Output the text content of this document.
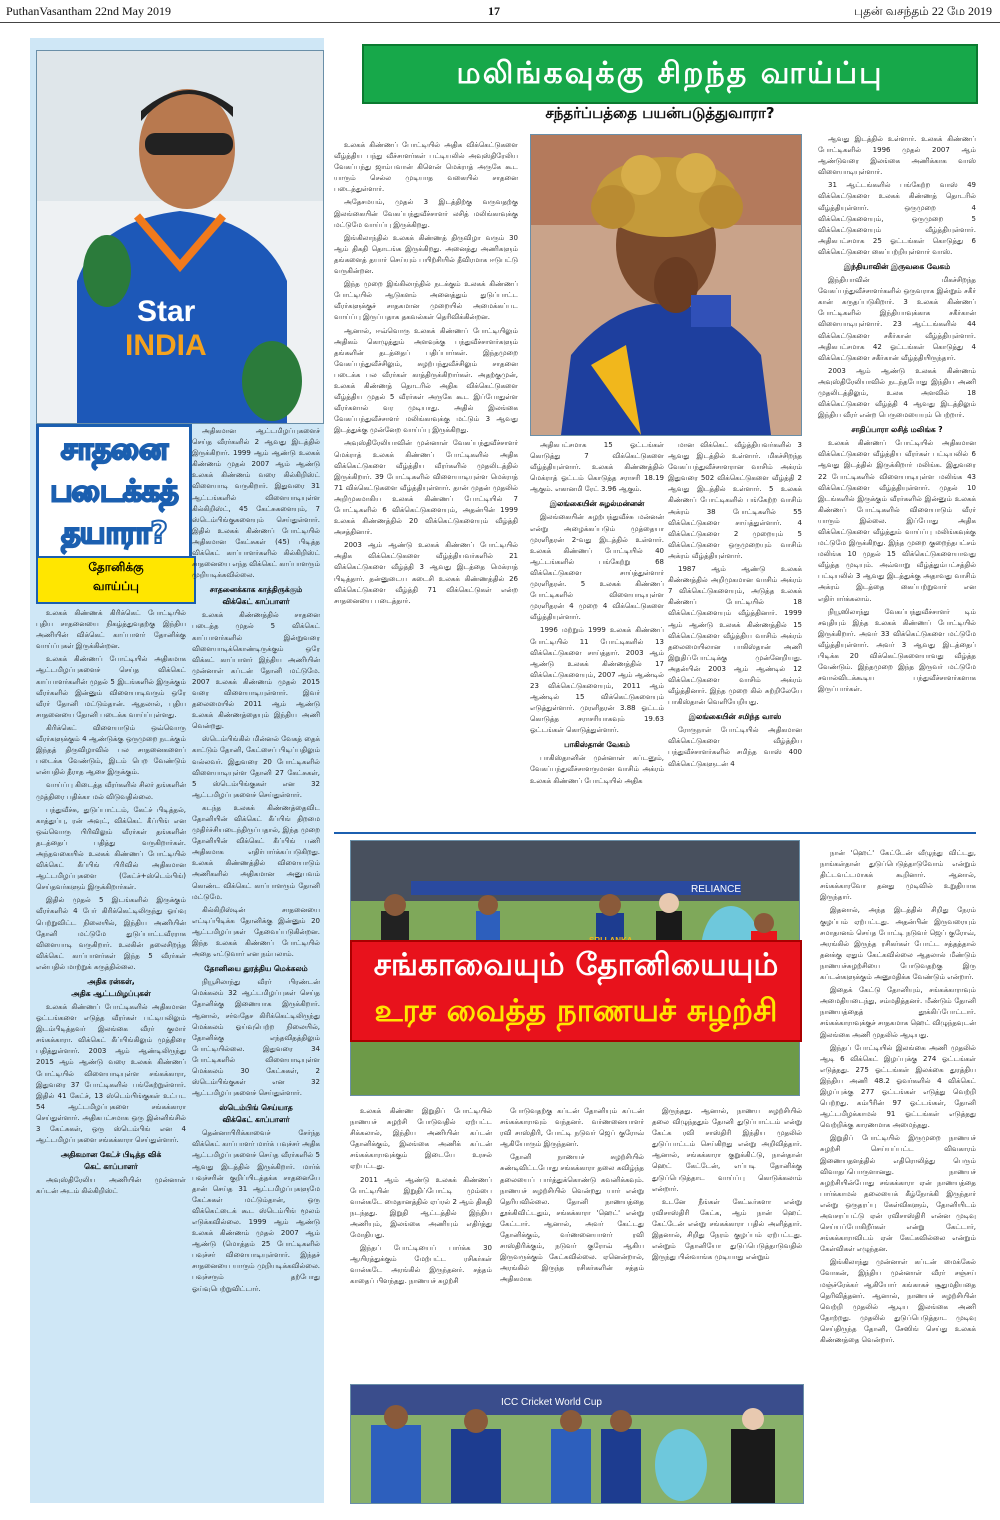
PuthanVasantham 22nd May 2019	17	புதன் வசந்தம் 22 மே 2019
Star
INDIA
சாதனை
படைக்கத்
தயாரா?
தோனிக்கு
வாய்ப்பு

உலகக் கிண்ணக் கிரிக்கெட் போட்டியில் புதிய சாதனையை நிகழ்த்துவதற்கு இந்திய அணியின் விக்கெட் காப்பாளர் தோனிக்கு வாய்ப்புகள் இருக்கின்றன.

உலகக் கிண்ணப் போட்டியில் அதிகமாக ஆட்டமிழப்புகளைச் செய்த விக்கெட் காப்பாளர்களின் முதல் 5 இடங்களில் இருக்கும் வீரர்களில் இன்னும் விளையாடிவரும் ஒரே வீரர் தோனி மட்டும்தான். ஆதலால், புதிய சாதனையை தோனி படைக்க வாய்ப்புள்ளது.

கிரிக்கெட் விளையாடும் ஒவ்வொரு வீரர்களுக்கும் 4 ஆண்டுக்கு ஒருமுறை நடக்கும் இந்தத் திருவிழாவில் பல சாதனைகளைப் படைக்க வேண்டும், இடம் பெற வேண்டும் என்பதில் தீராத ஆசை இருக்கும்.

வாய்ப்பு கிடைத்த வீரர்களில் சிலர் தங்களின் முத்திரை பதிக்கா மல் விடுவதில்லை.

பந்துவீச்சு, துடுப்பாட்டம், கேட்ச் பிடித்தல், காத்துப்பு, ரன் அவுட், விக்கெட் கீப்பிங் என ஒவ்வொரு பிரிவிலும் வீரர்கள் தங்களின் தடத்தைப் பதித்து வருகிறார்கள். அந்தவகையில் உலகக் கிண்ணப் போட்டியில் விக்கெட் கீப்பிங் பிரிவில் அதிகமான ஆட்டமிழப்புகளை (கேட்ச்+ஸ்டெம்பிங்) செய்தவர்களும் இருக்கிறார்கள்.

இதில் முதல் 5 இடங்களில் இருக்கும் வீரர்களில் 4 பேர் கிரிக்கெட்டிலிருந்து ஓய்வு பெற்றுவிட்ட நிலையில், இந்திய அணியின் தோனி மட்டுமே துடுப்பாட்டவீரராக விளையாடி வருகிறார். உலகின் தலைசிறந்த விக்கெட் காப்பாளர்கள் இந்த 5 வீரர்கள் என்பதில் மாற்றுக் கருத்தில்லை.

அதிக ரன்கள்,
அதிக ஆட்டமிழப்புகள்

உலகக் கிண்ணப் போட்டிகளில் அதிகமான ஓட்டங்களை எடுத்த வீரர்கள் பட்டியலிலும் இடம்பிடித்தவர் இலங்கை வீரர் குமார் சங்கக்காரா. விக்கெட் கீப்பிங்கிலும் முத்திரை பதித்துள்ளார். 2003 ஆம் ஆண்டிலிருந்து 2015 ஆம் ஆண்டு வரை உலகக் கிண்ணப் போட்டியில் விளையாடியுள்ள சங்கக்காரா, இதுவரை 37 போட்டிகளில் பங்கேற்றுள்ளார். இதில் 41 கேட்ச், 13 ஸ்டெம்பிங்குகள் உட்பட 54 ஆட்டமிழப்புகளை சங்கக்காரா செய்துள்ளார். அதிகபட்சமாக ஒரு இன்னிங்சில் 3 கேட்சுகள், ஒரு ஸ்டெம்பிங் என 4 ஆட்டமிழப்புகளை சங்கக்காரா செய்துள்ளார்.

அதிகமான கேட்ச் பிடித்த விக்
கெட் காப்பாளர்

அவுஸ்திரேலிய அணியின் முன்னாள் கப்டன் அடம் கில்கிறிஸ்ட்

அதிகமான ஆட்டமிழப்புகளைச் செய்த வீரர்களில் 2 ஆவது இடத்தில் இருக்கிறார். 1999 ஆம் ஆண்டு உலகக் கிண்ணம் முதல் 2007 ஆம் ஆண்டு உலகக் கிண்ணம் வரை கில்கிறிஸ்ட் விளையாடி வருகிறார். இதுவரை 31 ஆட்டங்களில் விளையாடியுள்ள கில்கிறிஸ்ட், 45 கேட்சுகளையும், 7 ஸ்டெம்பிங்குகளையும் செய்துள்ளார். இதில் உலகக் கிண்ணப் போட்டியில் அதிகமான கேட்சுகள் (45) பிடித்த விக்கெட் காப்பாளர்களில் கில்கிறிஸ்ட் சாதனையை எந்த விக்கெட் காப்பாளரும் முறியடிக்கவில்லை.

சாதனைக்காக காத்திருக்கும்
விக்கெட் காப்பாளர்

உலகக் கிண்ணத்தில் சாதனை படைத்த முதல் 5 விக்கெட் காப்பாளர்களில் இன்றுவரை விளையாடிக்கொண்டிருக்கும் ஒரே விக்கட் காப்பாளர் இந்திய அணியின் முன்னாள் கப்டன் தோனி மட்டுமே. 2007 உலகக் கிண்ணம் முதல் 2015 வரை விளையாடியுள்ளார். இவர் தலைமையில் 2011 ஆம் ஆண்டு உலகக் கிண்ணத்தையும் இந்திய அணி வென்றது.

ஸ்டெம்பிங்கில் மின்னல் வேகத் தைக் காட்டும் தோனி, கேட்சைப் பிடிப்பதிலும் வல்லவர். இதுவரை 20 போட்டிகளில் விளையாடியுள்ள தோனி 27 கேட்சுகள், 5 ஸ்டெம்பிங்குகள் என 32 ஆட்டமிழப்புகளைச் செய்துள்ளார்.

கடந்த உலகக் கிண்ணத்தைவிட தோனியின் விக்கெட் கீப்பிங் திறமை முதிர்ச்சியடைந்திருப்பதால், இந்த முறை தோனியின் விக்கெட் கீப்பிங் பணி அதிகமாக எதிர்பார்க்கப்படுகிறது. உலகக் கிண்ணத்தில் விளையாடும் அணிகளில் அதிகமான அனுபவம் கொண்ட விக்கெட் காப்பாளரும் தோனி மட்டுமே.

கில்கிறிஸ்டின் சாதனையை எட்டிப்பிடிக்க தோனிக்கு இன்னும் 20 ஆட்டமிழப்புகள் தேவைப்படுகின்றன. இந்த உலகக் கிண்ணப் போட்டியில் அதை எட்டுவார் என நம்பலாம்.

தோனியை துரத்திய மெக்கலம்

நியூசிலாந்து வீரர் பிரண்டன் மெக்கலம் 32 ஆட்டமிழப்புகள் செய்த தோனிக்கு இணையாக இருக்கிறார். ஆனால், சர்வதேச கிரிக்கெட்டிலிருந்து மெக்கலம் ஓய்வுபெற்ற நிலையில், தோனிக்கு எந்தவிதத்திலும் போட்டியில்லை. இதுவரை 34 போட்டிகளில் விளையாடியுள்ள மெக்கலம் 30 கேட்சுகள், 2 ஸ்டெம்பிங்குகள் என 32 ஆட்டமிழப்புகளைச் செய்துள்ளார்.

ஸ்டெம்பிங் செய்யாத
விக்கெட் காப்பாளர்

தென்னாபிரிக்காவைச் சேர்ந்த விக்கெட் காப்பாளர் மார்க் பவுச்சர் அதிக ஆட்டமிழப்புகளைச் செய்த வீரர்களில் 5 ஆவது இடத்தில் இருக்கிறார். மார்க் பவுச்சரின் குறிப்பிடத்தக்க சாதனையே தான் செய்த 31 ஆட்டமிழப்புகளுமே கேட்சுகள் மட்டும்தான், ஒரு விக்கெட்டைக் கூட ஸ்டெம்பிங் மூலம் எடுக்கவில்லை. 1999 ஆம் ஆண்டு உலகக் கிண்ணம் முதல் 2007 ஆம் ஆண்டு (மொத்தம் 25 போட்டிகளில் பவுச்சர் விளையாடியுள்ளார். இந்தச் சாதனையை யாரும் முறியடிக்கவில்லை. பவுச்சரும் தற்போது ஓய்வுபெற்றுவிட்டார்.

மலிங்கவுக்கு சிறந்த வாய்ப்பு
சந்தர்ப்பத்தை பயன்படுத்துவாரா?

உலகக் கிண்ணப் போட்டியில் அதிக விக்கெட்டுகளை வீழ்த்திய பந்து வீச்சாளர்கள் பட்டியலில் அவுஸ்திரேலிய வேகப்பந்து ஜாம்பவான் கிளென் மெக்ராத் அருகே கூட யாரும் செல்ல முடியாத வகையில் சாதனை படைத்துள்ளார்.

அதேசமயம், முதல் 3 இடத்திற்கு வருவதற்கு இலங்கையின் வேகப்பந்துவீச்சாளர் லசித் மலிங்காவுக்கு மட்டுமே வாய்ப்பு இருக்கிறது.

இங்கிலாந்தில் உலகக் கிண்ணத் திருவிழா வரும் 30 ஆம் திகதி தொடங்க இருக்கிறது. அனைத்து அணிகளும் தங்களைத் தயார் செய்யும் பயிற்சியில் தீவிரமாக ஈடுபட்டு வருகின்றன.

இந்த முறை இங்கிலாந்தில் நடக்கும் உலகக் கிண்ணப் போட்டியில் ஆடுகளம் அனைத்தும் துடுப்பாட்ட வீரர்களுக்குச் சாதகமான முறையில் அமைக்கப்பட வாய்ப்பு இருப்பதாக தகவல்கள் தெரிவிக்கின்றன.

ஆனால், ஈவ்வொரு உலகக் கிண்ணப் போட்டியிலும் அதிகம் கொழுத்தும் அளவுக்கு பந்துவீச்சாளர்களும் தங்களின் தடத்தைப் பதிப்பார்கள். இந்தமுறை வேகப்பந்துவீச்சிலும், சுழற்பந்துவீச்சிலும் சாதனை படைக்க பல வீரர்கள் காத்திருக்கிறார்கள். அதற்குமுன், உலகக் கிண்ணத் தொடரில் அதிக விக்கெட்டுகளை வீழ்த்திய முதல் 5 வீரர்கள் அருகே கூட இப்போதுள்ள வீரர்களால் வர முடியாது. அதில் இலங்கை வேகப்பந்துவீச்சாளர் மலிங்காவுக்கு மட்டும் 3 ஆவது இடத்துக்கு முன்னேற வாய்ப்பு இருக்கிறது.

அவுஸ்திரேலியாவின் முன்னாள் வேகப்பந்துவீச்சாளர் மெக்ராத் உலகக் கிண்ணப் போட்டிகளில் அதிக விக்கெட்டுகளை வீழ்த்திய வீரர்களில் முதலிடத்தில் இருக்கிறார். 39 போட்டிகளில் விளையாடியுள்ள மெக்ராத் 71 விக்கெட்டுகளை வீழ்த்தியுள்ளார். தான் முதன் முதலில் அறிமுகமாகிய உலகக் கிண்ணப் போட்டியில் 7 போட்டிகளில் 6 விக்கெட்டுகளையும், அதன்பின் 1999 உலகக் கிண்ணத்தில் 20 விக்கெட்டுகளையும் வீழ்த்தி அசத்தினார்.

2003 ஆம் ஆண்டு உலகக் கிண்ணப் போட்டியில் அதிக விக்கெட்டுகளை வீழ்த்தியவர்களில் 21 விக்கெட்டுகளை வீழ்த்தி 3 ஆவது இடத்தை மெக்ராத் பிடித்தார். தன்னுடைய கடைசி உலகக் கிண்ணத்தில் 26 விக்கெட்டுகளை வீழ்த்தி 71 விக்கெட்டுகள் என்ற சாதனையை படைத்தார்.

அதிகபட்சமாக 15 ஓட்டங்கள் கொடுத்து 7 விக்கெட்டுகளை வீழ்த்தியுள்ளார். உலகக் கிண்ணத்தில் மெக்ராத் ஓட்டம் கொடுத்த சராசரி 18.19 ஆகும். எகானமி ரேட் 3.96 ஆகும்.

இலங்கையின் சுழல்மன்னன்

இலங்கையின் சுழற்பந்துவீச்சு மன்னன் என்று அழைக்கப்படும் முத்தையா முரளிதரன் 2-வது இடத்தில் உள்ளார். உலகக் கிண்ணப் போட்டியில் 40 ஆட்டங்களில் பங்கேற்று 68 விக்கெட்டுகளை சாய்த்துள்ளார் முரளிதரன். 5 உலகக் கிண்ணப் போட்டிகளில் விளையாடியுள்ள முரளிதரன் 4 முறை 4 விக்கெட்டுகளை வீழ்த்தியுள்ளார்.

1996 மற்றும் 1999 உலகக் கிண்ணப் போட்டியில் 11 போட்டிகளில் 13 விக்கெட்டுகளை சாய்த்தார். 2003 ஆம் ஆண்டு உலகக் கிண்ணத்தில் 17 விக்கெட்டுகளையும், 2007 ஆம் ஆண்டில் 23 விக்கெட்டுகளையும், 2011 ஆம் ஆண்டில் 15 விக்கெட்டுகளையும் எடுத்துள்ளார். முரளிதரன் 3.88 ஓட்டம் கொடுத்த சராசரியாகவும் 19.63 ஓட்டங்கள் கொடுத்துள்ளார்.

பாகிஸ்தான் வேகம்

பாகிஸ்தானின் முன்னாள் கப்டனும், வேகப்பந்துவீச்சாளருமான வாசிம் அக்ரம் உலகக் கிண்ணப் போட்டியில் அதிக

மான விக்கெட் வீழ்த்தியவர்களில் 3 ஆவது இடத்தில் உள்ளார். மிகச்சிறந்த வேகப்பந்துவீச்சாளரான வாசிம் அக்ரம் இதுவரை 502 விக்கெட்டுகளை வீழ்த்தி 2 ஆவது இடத்தில் உள்ளார். 5 உலகக் கிண்ணப் போட்டிகளில் பங்கேற்ற வாசிம் அக்ரம் 38 போட்டிகளில் 55 விக்கெட்டுகளை சாய்த்துள்ளார். 4 விக்கெட்டுகளை 2 முறையும் 5 விக்கெட்டுகளை ஒருமுறையும் வாசிம் அக்ரம் வீழ்த்தியுள்ளார்.

1987 ஆம் ஆண்டு உலகக் கிண்ணத்தில் அறிமுகமான வாசிம் அக்ரம் 7 விக்கெட்டுகளையும், அடுத்த உலகக் கிண்ணப் போட்டியில் 18 விக்கெட்டுகளையும் வீழ்த்தினார். 1999 ஆம் ஆண்டு உலகக் கிண்ணத்தில் 15 விக்கெட்டுகளை வீழ்த்திய வாசிம் அக்ரம் தலைமையிலான பாகிஸ்தான் அணி இறுதிப்போட்டிக்கு முன்னேறியது. அதன்பின் 2003 ஆம் ஆண்டில் 12 விக்கெட்டுகளை வாசிம் அக்ரம் வீழ்த்தினார். இந்த முறை கில் சுற்றிலேயே பாகிஸ்தான் வெளியேறியது.

இலங்கையின் சமிந்த வாஸ்

ரோருநாள் போட்டியில் அதிகமான விக்கெட்டுகளை வீழ்த்திய பந்துவீச்சாளர்களில் சமிந்த வாஸ் 400 விக்கெட்டுகளுடன் 4

ஆவது இடத்தில் உள்ளார். உலகக் கிண்ணப் போட்டிகளில் 1996 முதல் 2007 ஆம் ஆண்டுவரை இலங்கை அணிக்காக வாஸ் விளையாடியுள்ளார்.

31 ஆட்டங்களில் பங்கேற்ற வாஸ் 49 விக்கெட்டுகளை உலகக் கிண்ணத் தொடரில் வீழ்த்தியுள்ளார். ஒருமுறை 4 விக்கெட்டுகளையும், ஒருமுறை 5 விக்கெட்டுகளையும் வீழ்த்தியுள்ளார். அதிகபட்சமாக 25 ஓட்டங்கள் கொடுத்து 6 விக்கெட்டுகளை கைப்பற்றியுள்ளார் வாஸ்.

இந்தியாவின் இருவகை வேகம்

இந்தியாவின் மிகச்சிறந்த வேகப்பந்துவீச்சாளர்களில் ஒருவராக இன்றும் சகீர் கான் கருதப்படுகிறார். 3 உலகக் கிண்ணப் போட்டிகளில் இந்தியாவுக்காக சகீர்கான் விளையாடியுள்ளார். 23 ஆட்டங்களில் 44 விக்கெட்டுகளை சகீர்கான் வீழ்த்தியுள்ளார். அதிகபட்சமாக 42 ஓட்டங்கள் கொடுத்து 4 விக்கெட்டுகளை சகீர்கான் வீழ்த்தியிருந்தார்.

2003 ஆம் ஆண்டு உலகக் கிண்ணம் அவுஸ்திரேலியாவில் நடந்தபோது இந்திய அணி முதலிடத்திலும், உலக அளவில் 18 விக்கெட்டுகளை வீழ்த்தி 4 ஆவது இடத்திலும் இந்திய வீரர் என்ற பெருமையையும் பெற்றார்.

சாதிப்பாரா லசித் மலிங்க ?

உலகக் கிண்ணப் போட்டியில் அதிகமான விக்கெட்டுகளை வீழ்த்திய வீரர்கள் பட்டியலில் 6 ஆவது இடத்தில் இருக்கிறார் மலிங்க. இதுவரை 22 போட்டிகளில் விளையாடியுள்ள மலிங்க 43 விக்கெட்டுகளை வீழ்த்தியுள்ளார். முதல் 10 இடங்களில் இருக்கும் வீரர்களில் இன்னும் உலகக் கிண்ணப் போட்டிகளில் விளையாடும் வீரர் யாரும் இல்லை. இப்போது அதிக விக்கெட்டுகளை வீழ்த்தும் வாய்ப்பு மலிங்கவுக்கு மட்டுமே இருக்கிறது. இந்த முறை குறைந்தபட்சம் மலிங்க 10 முதல் 15 விக்கெட்டுகளையாவது வீழ்த்த முடியும். அவ்வாறு வீழ்த்தும்பட்சத்தில் பட்டியலில் 3 ஆவது இடத்துக்கு அதாவது வாசிம் அக்ரம் இடத்தை கைப்பற்றுவார் என எதிர்பார்க்கலாம்.

நியூஸிலாந்து வேகப்பந்துவீச்சாளர் டிம் சவுதியும் இந்த உலகக் கிண்ணப் போட்டியில் இருக்கிறார். அவர் 33 விக்கெட்டுகளை மட்டுமே வீழ்த்தியுள்ளார். அவர் 3 ஆவது இடத்தைப் பிடிக்க 20 விக்கெட்டுகளையாவது வீழ்த்த வேண்டும். இந்தமுறை இந்த இருவர் மட்டுமே சவால்விடக்கூடிய பந்துவீச்சாளர்களாக இருப்பார்கள்.

RELIANCE
சங்காவையும் தோனியையும்
உரச வைத்த நாணயச் சுழற்சி

நான் 'ஹெட்' கேட்டேன் வீழுந்து விட்டது, நாங்கள்தான் துடுப்பெடுத்தாடுவோம் என்றும் திட்டவட்டமாகக் கூறினார். ஆனால், சங்கக்காரவோ தனது முடிவில் உறுதியாக இருந்தார்.

இதனால், அந்த இடத்தில் சிறிது நேரம் குழப்பம் ஏற்பட்டது. அதன்பின் இருவரையும் சமாதானம் செய்த போட்டி நடுவர் ஜெப் குரோவ், அரங்கில் இருந்த ரசிகர்கள் போட்ட சத்தத்தால் தனக்கு ஏதும் கேட்கவில்லை ஆதலால் மீண்டும் நாணயச்சுழற்சியை போடுவதற்கு இரு கப்டன்களுக்கும் அனுமதிக்க வேண்டும் என்றார்.

இதைக் கேட்டு தோனியும், சங்கக்காராவும் அமைதியடைந்து, சம்மதித்தனர். மீண்டும் தோனி நாணயத்தைத் தூக்கிப்போட்டார். சங்கக்காராவுக்குச் சாதகமாக ஹெட் விழுந்தவுடன் இலங்கை அணி முதலில் ஆடியது.

இந்தப் போட்டியில் இலங்கை அணி முதலில் ஆடி 6 விக்கெட் இழப்புக்கு 274 ஓட்டங்கள் எடுத்தது. 275 ஓட்டங்கள் இலக்கை துரத்திய இந்திய அணி 48.2 ஓவர்களில் 4 விக்கெட் இழப்புக்கு 277 ஓட்டங்கள் எடுத்து வெற்றி பெற்றது. கம்பீரின் 97 ஓட்டங்கள், தோனி ஆட்டமிழக்காமல் 91 ஓட்டங்கள் எடுத்தது வெற்றிக்கு காரணமாக அமைந்தது.

இறுதிப் போட்டியில் இருமுறை நாணயச் சுழற்சி செய்யப்பட்ட விவகாரம் இணையதளத்தில் எதிரொலித்து பெரும் விவாதப்பொருளானது. நாணயச் சுழற்சியின்போது சங்கக்காரா ஏன் நாணயத்தை பார்க்காமல் தலையைக் கீழ்நோக்கி இருந்தார் என்று ஒருதரப்பு கேள்விகளும், தோனியிடம் அவசரப்பட்டு ஏன் ரவிசாஸ்திரி என்ன முடிவு செய்யப்போகிறீர்கள் என்று கேட்டார், சங்கக்காராவிடம் ஏன் கேட்கவில்லை என்றும் கேள்விகள் எழுந்தன.

இங்கிலாந்து முன்னாள் கப்டன் மைக்கேல் வோகன், இந்திய முன்னாள் வீரர் சஞ்சய் மஞ்ச்ரேக்கர் ஆகியோர் கங்காகச் சூதுமதியதை தெரிவித்தனர். ஆனால், நாணயச் சுழற்சியின் வெற்றி முதலில் ஆடிய இலங்கை அணி தோற்றது. முதலில் துடுப்பெடுத்தாட முடிவு செய்திருந்த தோனி, சேஸிங் செய்து உலகக் கிண்ணத்தை வென்றார்.

உலகக் கிண்ண இறுதிப் போட்டியில் நாணயச் சுழற்சி போடுவதில் ஏற்பட்ட சிக்கலால், இந்திய அணியின் கப்டன் தோனிக்கும், இலங்கை அணிக் கப்டன் சங்கக்காராவுக்கும் இடையே உரசல் ஏற்பட்டது.

2011 ஆம் ஆண்டு உலகக் கிண்ணப் போட்டியின் இறுதிப்போட்டி மும்பை வான்கடே மைதானத்தில் ஏப்ரல் 2 ஆம் திகதி நடந்தது. இறுதி ஆட்டத்தில் இந்திய அணியும், இலங்கை அணியும் எதிர்த்து மோதியது.

இந்தப் போட்டியைப் பார்க்க 30 ஆயிரத்துக்கும் மேற்பட்ட ரசிகர்கள் வான்கடே அரங்கில் இருந்தனர். சத்தம் காதைப் பிளந்தது. நாணயச் சுழற்சி

போடுவதற்கு கப்டன் தோனியும் கப்டன் சங்கக்காராவும் வந்தனர். வர்ணனையாளர் ரவி சாஸ்திரி, போட்டி நடுவர் ஜெப் குரோவ் ஆகியோரும் இருந்தனர்.

தோனி நாணயச் சுழற்சியில் சுண்டிவிட்டபோது சங்கக்காரா தலை கவிழ்ந்த தலையைப் பார்த்துக்கொண்டு கவனிக்கவும். நாணயச் சுழற்சியில் வென்றது யார் என்று தெரியவில்லை. தோனி நாணயத்தை தூக்கிவிட்டதும், சங்கக்காரா 'ஹெட்' என்று கேட்டார். ஆனால், அவர் கேட்டது தோனிக்கும், வர்ணனையாளர் ரவி சாஸ்திரிக்கும், நடுவர் குரோவ் ஆகிய இருவருக்கும் கேட்கவில்லை. ஏனென்றால், அரங்கில் இருந்த ரசிகர்களின் சத்தம் அதிகமாக

இருந்தது. ஆனால், நாணய சுழற்சியில் தலை விழுந்ததும் தோனி துடுப்பாட்டம் என்று கேட்க ரவி சாஸ்திரி இந்திய முதலில் துடுப்பாட்டம் செய்கிறது என்று அறிவித்தார். ஆனால், சங்கக்காரா குறுக்கிட்டு, நான்தான் ஹெட் கேட்டேன், எப்படி தோனிக்கு துடுப்பெடுத்தாட வாய்ப்பு கொடுக்கலாம் என்றார்.

உடனே நீங்கள் கேட்டீர்களா என்று ரவிசாஸ்திரி கேட்க, ஆம் நான் ஹெட் கேட்டேன் என்று சங்கக்காரா பதில் அளித்தார். இதனால், சிறிது நேரம் குழப்பம் ஏற்பட்டது. என்றும் தோனியோ துடுப்பெடுத்தாடுவதில் இருந்து பின்வாங்க முடியாது என்றும்

ICC Cricket World Cup
